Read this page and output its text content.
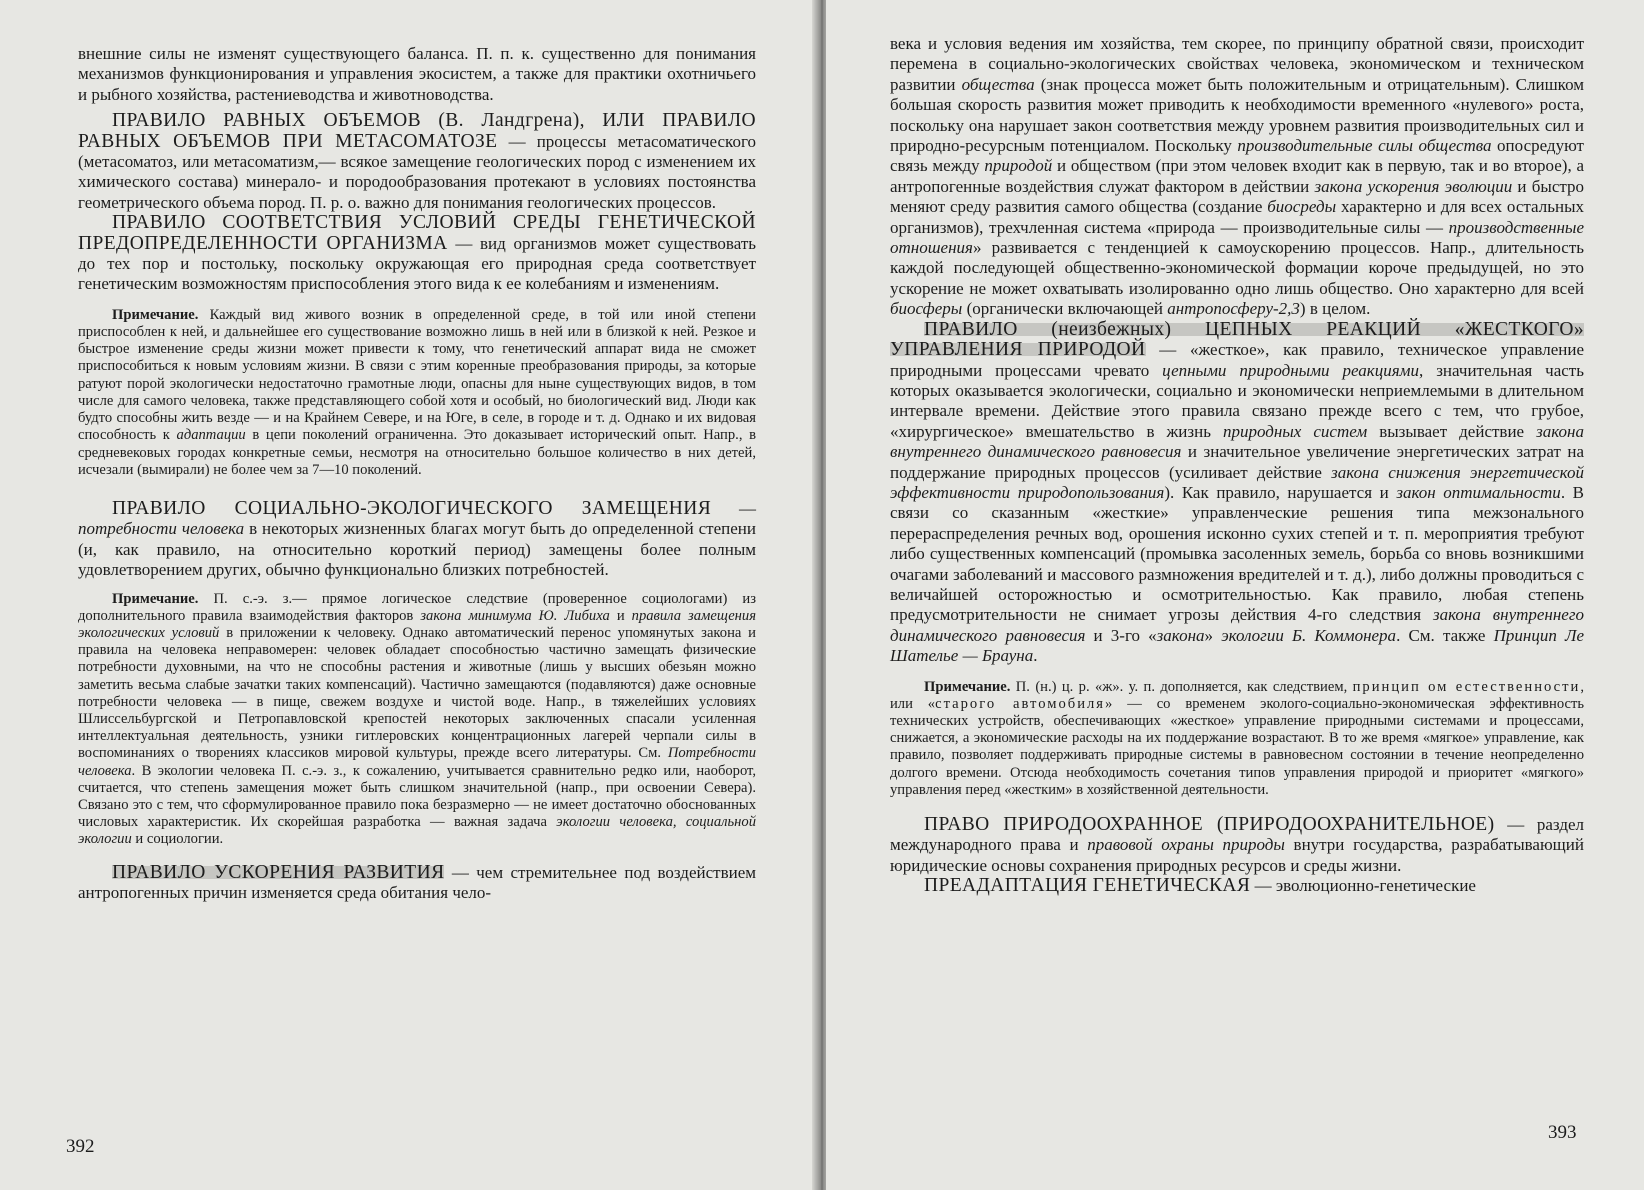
внешние силы не изменят существующего баланса. П. п. к. существенно для понимания механизмов функционирования и управления экосистем, а также для практики охотничьего и рыбного хозяйства, растениеводства и животноводства.

ПРАВИЛО РАВНЫХ ОБЪЕМОВ (В. Ландгрена), ИЛИ ПРАВИЛО РАВНЫХ ОБЪЕМОВ ПРИ МЕТАСОМАТОЗЕ — процессы метасоматического (метасоматоз, или метасоматизм,— всякое замещение геологических пород с изменением их химического состава) минерало- и породообразования протекают в условиях постоянства геометрического объема пород. П. р. о. важно для понимания геологических процессов.

ПРАВИЛО СООТВЕТСТВИЯ УСЛОВИЙ СРЕДЫ ГЕНЕТИЧЕСКОЙ ПРЕДОПРЕДЕЛЕННОСТИ ОРГАНИЗМА — вид организмов может существовать до тех пор и постольку, поскольку окружающая его природная среда соответствует генетическим возможностям приспособления этого вида к ее колебаниям и изменениям.

Примечание. Каждый вид живого возник в определенной среде, в той или иной степени приспособлен к ней, и дальнейшее его существование возможно лишь в ней или в близкой к ней. Резкое и быстрое изменение среды жизни может привести к тому, что генетический аппарат вида не сможет приспособиться к новым условиям жизни. В связи с этим коренные преобразования природы, за которые ратуют порой экологически недостаточно грамотные люди, опасны для ныне существующих видов, в том числе для самого человека, также представляющего собой хотя и особый, но биологический вид. Люди как будто способны жить везде — и на Крайнем Севере, и на Юге, в селе, в городе и т. д. Однако и их видовая способность к адаптации в цепи поколений ограниченна. Это доказывает исторический опыт. Напр., в средневековых городах конкретные семьи, несмотря на относительно большое количество в них детей, исчезали (вымирали) не более чем за 7—10 поколений.

ПРАВИЛО СОЦИАЛЬНО-ЭКОЛОГИЧЕСКОГО ЗАМЕЩЕНИЯ — потребности человека в некоторых жизненных благах могут быть до определенной степени (и, как правило, на относительно короткий период) замещены более полным удовлетворением других, обычно функционально близких потребностей.

Примечание. П. с.-э. з.— прямое логическое следствие (проверенное социологами) из дополнительного правила взаимодействия факторов закона минимума Ю. Либиха и правила замещения экологических условий в приложении к человеку. Однако автоматический перенос упомянутых закона и правила на человека неправомерен: человек обладает способностью частично замещать физические потребности духовными, на что не способны растения и животные (лишь у высших обезьян можно заметить весьма слабые зачатки таких компенсаций). Частично замещаются (подавляются) даже основные потребности человека — в пище, свежем воздухе и чистой воде. Напр., в тяжелейших условиях Шлиссельбургской и Петропавловской крепостей некоторых заключенных спасали усиленная интеллектуальная деятельность, узники гитлеровских концентрационных лагерей черпали силы в воспоминаниях о творениях классиков мировой культуры, прежде всего литературы. См. Потребности человека. В экологии человека П. с.-э. з., к сожалению, учитывается сравнительно редко или, наоборот, считается, что степень замещения может быть слишком значительной (напр., при освоении Севера). Связано это с тем, что сформулированное правило пока безразмерно — не имеет достаточно обоснованных числовых характеристик. Их скорейшая разработка — важная задача экологии человека, социальной экологии и социологии.

ПРАВИЛО УСКОРЕНИЯ РАЗВИТИЯ — чем стремительнее под воздействием антропогенных причин изменяется среда обитания чело-

392

века и условия ведения им хозяйства, тем скорее, по принципу обратной связи, происходит перемена в социально-экологических свойствах человека, экономическом и техническом развитии общества (знак процесса может быть положительным и отрицательным). Слишком большая скорость развития может приводить к необходимости временного «нулевого» роста, поскольку она нарушает закон соответствия между уровнем развития производительных сил и природно-ресурсным потенциалом. Поскольку производительные силы общества опосредуют связь между природой и обществом (при этом человек входит как в первую, так и во второе), а антропогенные воздействия служат фактором в действии закона ускорения эволюции и быстро меняют среду развития самого общества (создание биосреды характерно и для всех остальных организмов), трехчленная система «природа — производительные силы — производственные отношения» развивается с тенденцией к самоускорению процессов. Напр., длительность каждой последующей общественно-экономической формации короче предыдущей, но это ускорение не может охватывать изолированно одно лишь общество. Оно характерно для всей биосферы (органически включающей антропосферу-2,3) в целом.

ПРАВИЛО (неизбежных) ЦЕПНЫХ РЕАКЦИЙ «ЖЕСТКОГО» УПРАВЛЕНИЯ ПРИРОДОЙ — «жесткое», как правило, техническое управление природными процессами чревато цепными природными реакциями, значительная часть которых оказывается экологически, социально и экономически неприемлемыми в длительном интервале времени. Действие этого правила связано прежде всего с тем, что грубое, «хирургическое» вмешательство в жизнь природных систем вызывает действие закона внутреннего динамического равновесия и значительное увеличение энергетических затрат на поддержание природных процессов (усиливает действие закона снижения энергетической эффективности природопользования). Как правило, нарушается и закон оптимальности. В связи со сказанным «жесткие» управленческие решения типа межзонального перераспределения речных вод, орошения исконно сухих степей и т. п. мероприятия требуют либо существенных компенсаций (промывка засоленных земель, борьба со вновь возникшими очагами заболеваний и массового размножения вредителей и т. д.), либо должны проводиться с величайшей осторожностью и осмотрительностью. Как правило, любая степень предусмотрительности не снимает угрозы действия 4-го следствия закона внутреннего динамического равновесия и 3-го «закона» экологии Б. Коммонера. См. также Принцип Ле Шателье — Брауна.

Примечание. П. (н.) ц. р. «ж». у. п. дополняется, как следствием, принцип ом естественности, или «старого автомобиля» — со временем эколого-социально-экономическая эффективность технических устройств, обеспечивающих «жесткое» управление природными системами и процессами, снижается, а экономические расходы на их поддержание возрастают. В то же время «мягкое» управление, как правило, позволяет поддерживать природные системы в равновесном состоянии в течение неопределенно долгого времени. Отсюда необходимость сочетания типов управления природой и приоритет «мягкого» управления перед «жестким» в хозяйственной деятельности.

ПРАВО ПРИРОДООХРАННОЕ (ПРИРОДООХРАНИТЕЛЬНОЕ) — раздел международного права и правовой охраны природы внутри государства, разрабатывающий юридические основы сохранения природных ресурсов и среды жизни.

ПРЕАДАПТАЦИЯ ГЕНЕТИЧЕСКАЯ — эволюционно-генетические

393
